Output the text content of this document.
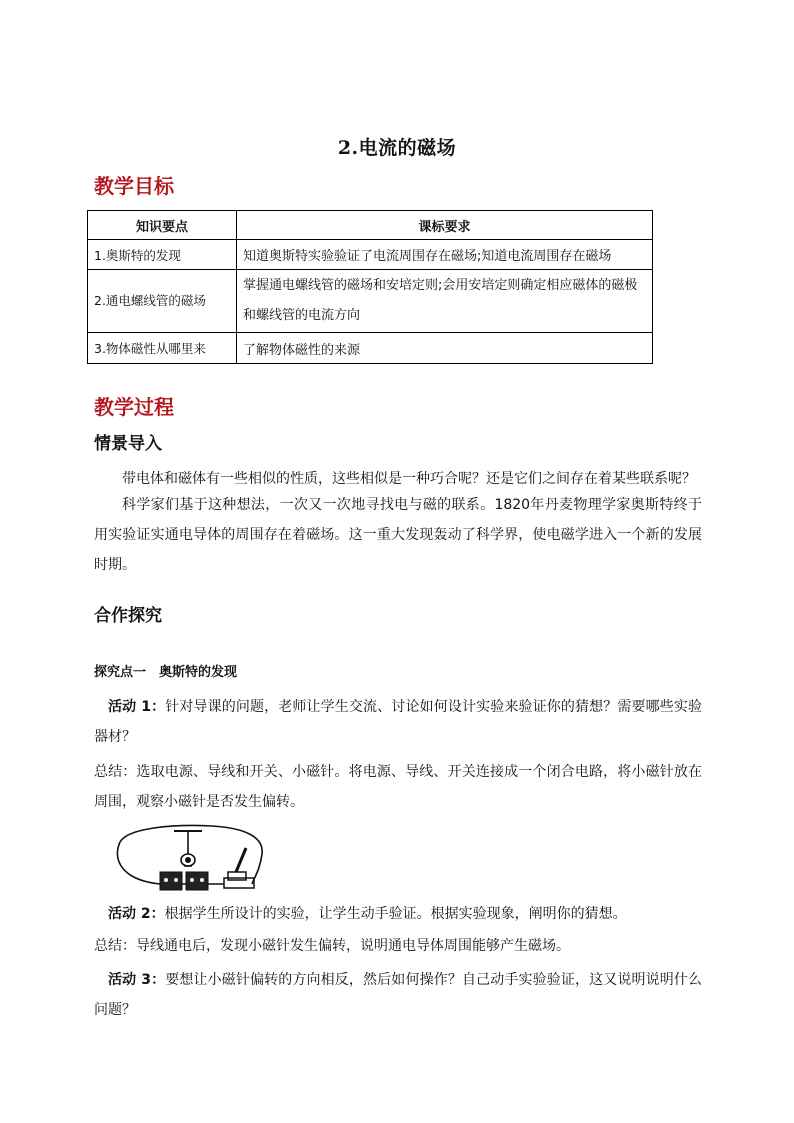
2.电流的磁场
教学目标
知识要点	课标要求
1.奥斯特的发现	知道奥斯特实验验证了电流周围存在磁场;知道电流周围存在磁场
2.通电螺线管的磁场	掌握通电螺线管的磁场和安培定则;会用安培定则确定相应磁体的磁极和螺线管的电流方向
3.物体磁性从哪里来	了解物体磁性的来源
教学过程
情景导入
带电体和磁体有一些相似的性质，这些相似是一种巧合呢？还是它们之间存在着某些联系呢？
科学家们基于这种想法，一次又一次地寻找电与磁的联系。1820年丹麦物理学家奥斯特终于用实验证实通电导体的周围存在着磁场。这一重大发现轰动了科学界，使电磁学进入一个新的发展时期。
合作探究
探究点一　奥斯特的发现
活动 1：针对导课的问题，老师让学生交流、讨论如何设计实验来验证你的猜想？需要哪些实验器材？
总结：选取电源、导线和开关、小磁针。将电源、导线、开关连接成一个闭合电路，将小磁针放在周围，观察小磁针是否发生偏转。
活动 2：根据学生所设计的实验，让学生动手验证。根据实验现象，阐明你的猜想。
总结：导线通电后，发现小磁针发生偏转，说明通电导体周围能够产生磁场。
活动 3：要想让小磁针偏转的方向相反，然后如何操作？自己动手实验验证，这又说明说明什么问题？
